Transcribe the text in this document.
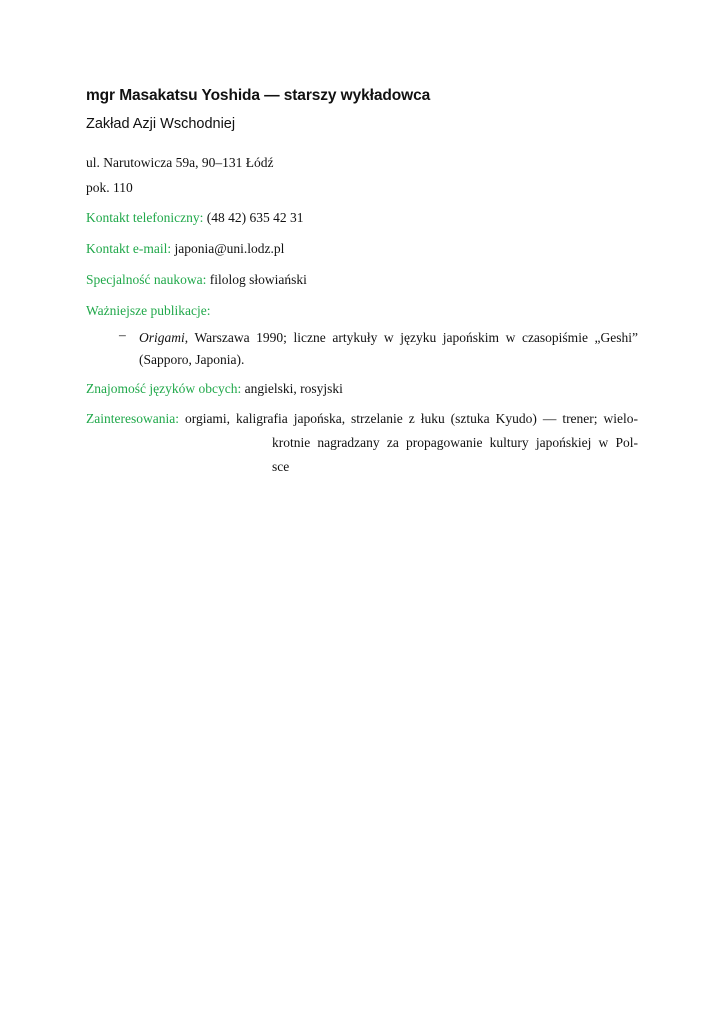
mgr Masakatsu Yoshida — starszy wykładowca
Zakład Azji Wschodniej
ul. Narutowicza 59a, 90–131 Łódź
pok. 110
Kontakt telefoniczny: (48 42) 635 42 31
Kontakt e-mail: japonia@uni.lodz.pl
Specjalność naukowa: filolog słowiański
Ważniejsze publikacje:
– Origami, Warszawa 1990; liczne artykuły w języku japońskim w czasopiśmie „Geshi” (Sapporo, Japonia).
Znajomość języków obcych: angielski, rosyjski
Zainteresowania: orgiami, kaligrafia japońska, strzelanie z łuku (sztuka Kyudo) — trener; wielo-
krotnie nagradzany za propagowanie kultury japońskiej w Pol-
sce
